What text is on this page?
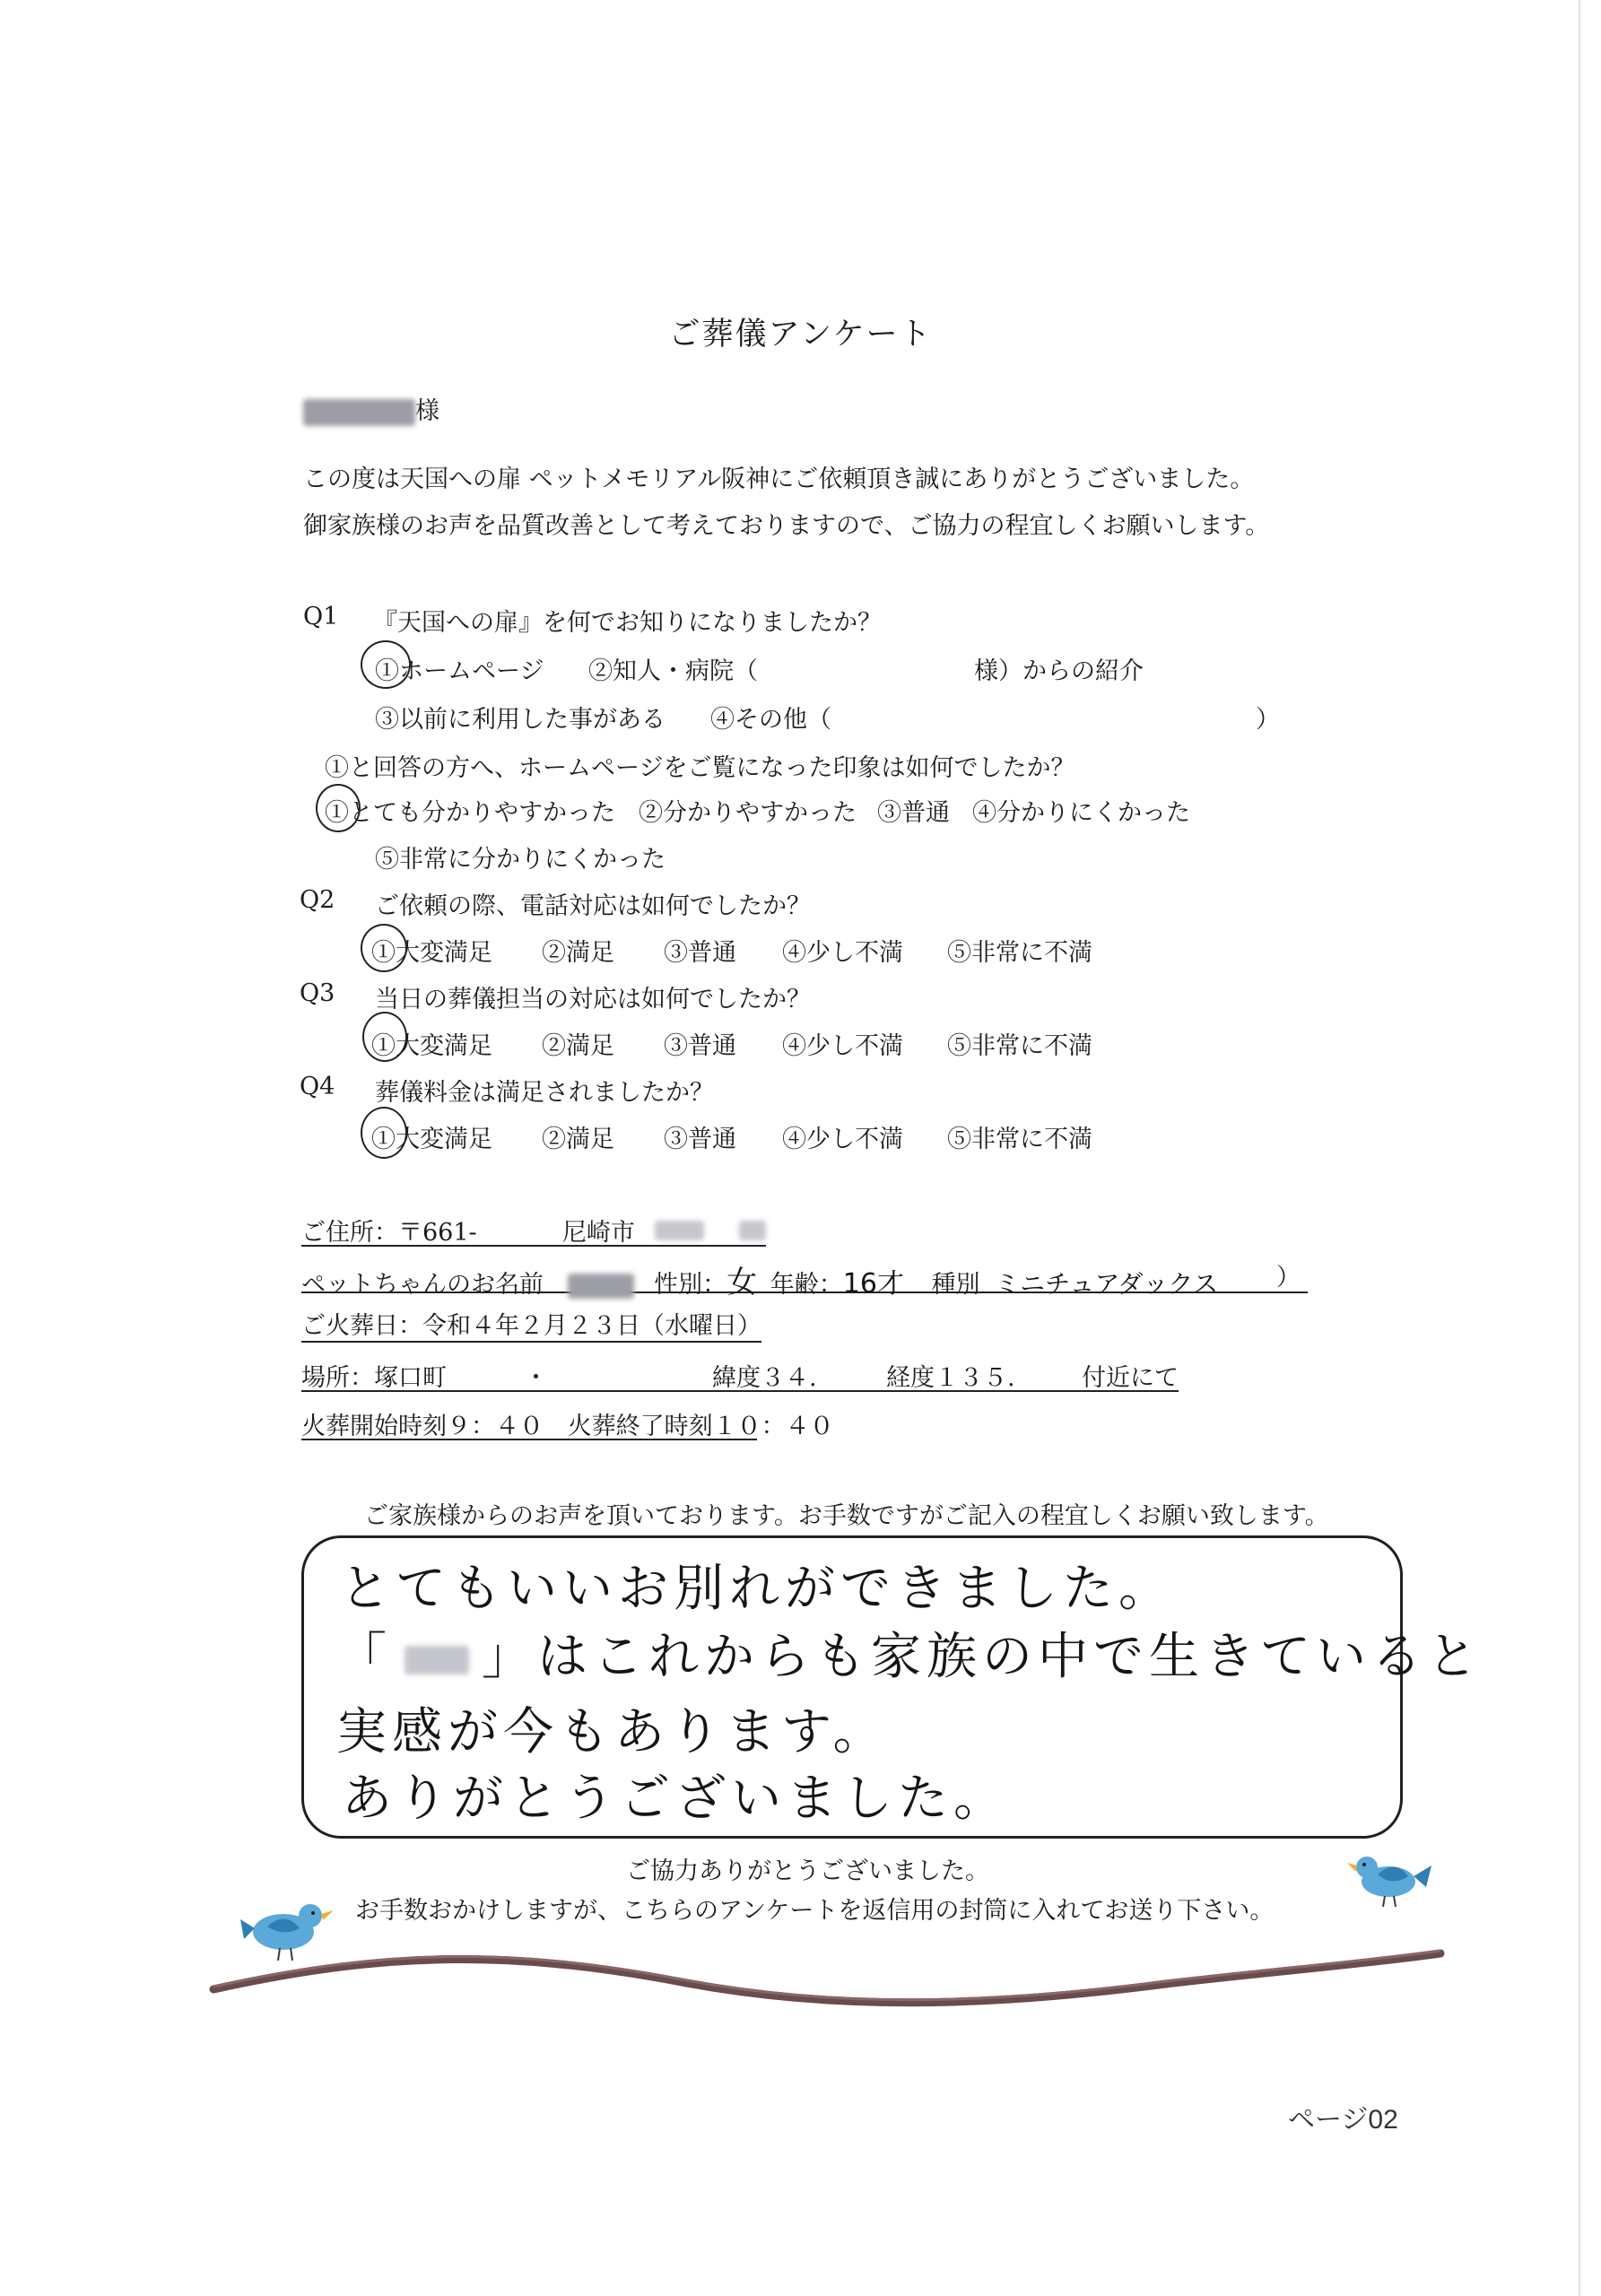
ご葬儀アンケート
様
この度は天国への扉 ペットメモリアル阪神にご依頼頂き誠にありがとうございました。
御家族様のお声を品質改善として考えておりますので、ご協力の程宜しくお願いします。
Q1 『天国への扉』を何でお知りになりましたか？
①ホームページ ②知人・病院（	様）からの紹介
③以前に利用した事がある ④その他（	）
①と回答の方へ、ホームページをご覧になった印象は如何でしたか？
①とても分かりやすかった ②分かりやすかった ③普通 ④分かりにくかった
⑤非常に分かりにくかった
Q2 ご依頼の際、電話対応は如何でしたか？
①大変満足 ②満足 ③普通 ④少し不満 ⑤非常に不満
Q3 当日の葬儀担当の対応は如何でしたか？
①大変満足 ②満足 ③普通 ④少し不満 ⑤非常に不満
Q4 葬儀料金は満足されましたか？
①大変満足 ②満足 ③普通 ④少し不満 ⑤非常に不満
ご住所：〒661-	尼崎市
ペットちゃんのお名前	性別：女 年齢：16才 種別 ミニチュアダックス ）
ご火葬日：令和４年２月２３日（水曜日）
場所：塚口町	・	緯度３４.	経度１３５.	付近にて
火葬開始時刻９：４０ 火葬終了時刻１０：４０
ご家族様からのお声を頂いております。お手数ですがご記入の程宜しくお願い致します。
とてもいいお別れができました。
「 」はこれからも家族の中で生きていると
実感が今もあります。
ありがとうございました。
ご協力ありがとうございました。
お手数おかけしますが、こちらのアンケートを返信用の封筒に入れてお送り下さい。
ページ02
